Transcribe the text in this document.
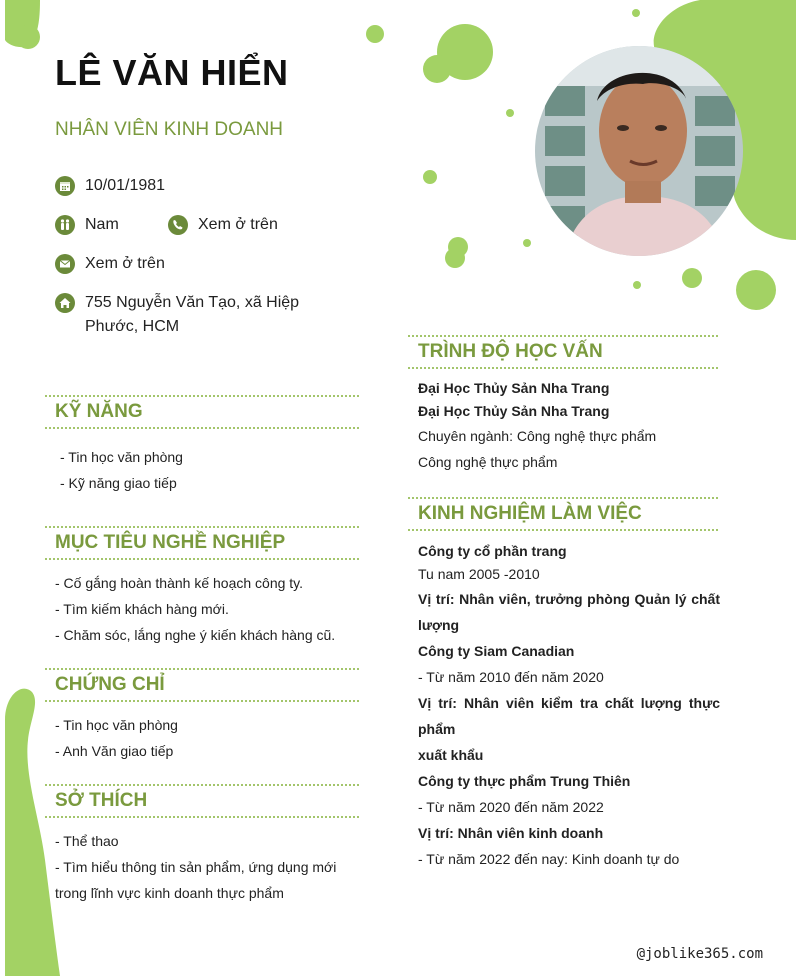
LÊ VĂN HIỂN
NHÂN VIÊN KINH DOANH
10/01/1981
Nam	Xem ở trên
Xem ở trên
755 Nguyễn Văn Tạo, xã Hiệp
Phước, HCM
KỸ NĂNG
- Tin học văn phòng
- Kỹ năng giao tiếp
MỤC TIÊU NGHỀ NGHIỆP
- Cố gắng hoàn thành kế hoạch công ty.
- Tìm kiếm khách hàng mới.
- Chăm sóc, lắng nghe ý kiến khách hàng cũ.
CHỨNG CHỈ
- Tin học văn phòng
- Anh Văn giao tiếp
SỞ THÍCH
- Thể thao
- Tìm hiểu thông tin sản phẩm, ứng dụng mới
trong lĩnh vực kinh doanh thực phẩm
TRÌNH ĐỘ HỌC VẤN
Đại Học Thủy Sản Nha Trang
Đại Học Thủy Sản Nha Trang
Chuyên ngành: Công nghệ thực phẩm
Công nghệ thực phẩm
KINH NGHIỆM LÀM VIỆC
Công ty cổ phần trang
Tu nam 2005 -2010
Vị trí: Nhân viên, trưởng phòng Quản lý chất
lượng
Công ty Siam Canadian
- Từ năm 2010 đến năm 2020
Vị trí: Nhân viên kiểm tra chất lượng thực phẩm
xuất khẩu
Công ty thực phẩm Trung Thiên
- Từ năm 2020 đến năm 2022
Vị trí: Nhân viên kinh doanh
- Từ năm 2022 đến nay: Kinh doanh tự do
@joblike365.com
